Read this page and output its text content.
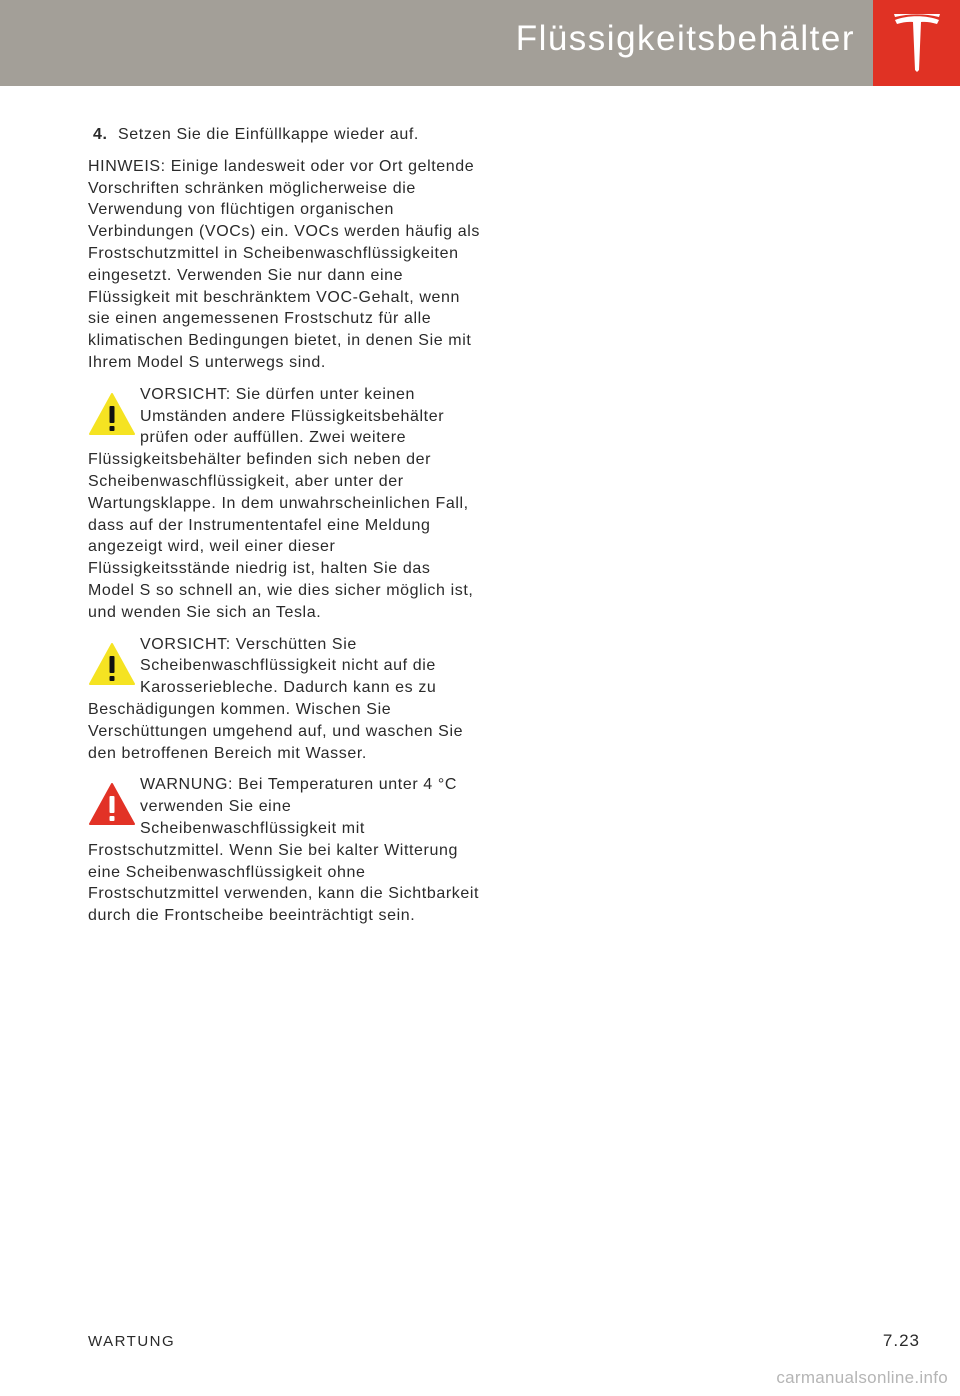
Flüssigkeitsbehälter
4. Setzen Sie die Einfüllkappe wieder auf.

HINWEIS: Einige landesweit oder vor Ort geltende Vorschriften schränken möglicherweise die Verwendung von flüchtigen organischen Verbindungen (VOCs) ein. VOCs werden häufig als Frostschutzmittel in Scheibenwaschflüssigkeiten eingesetzt. Verwenden Sie nur dann eine Flüssigkeit mit beschränktem VOC-Gehalt, wenn sie einen angemessenen Frostschutz für alle klimatischen Bedingungen bietet, in denen Sie mit Ihrem Model S unterwegs sind.

VORSICHT: Sie dürfen unter keinen Umständen andere Flüssigkeitsbehälter prüfen oder auffüllen. Zwei weitere Flüssigkeitsbehälter befinden sich neben der Scheibenwaschflüssigkeit, aber unter der Wartungsklappe. In dem unwahrscheinlichen Fall, dass auf der Instrumententafel eine Meldung angezeigt wird, weil einer dieser Flüssigkeitsstände niedrig ist, halten Sie das Model S so schnell an, wie dies sicher möglich ist, und wenden Sie sich an Tesla.
VORSICHT: Verschütten Sie Scheibenwaschflüssigkeit nicht auf die Karosseriebleche. Dadurch kann es zu Beschädigungen kommen. Wischen Sie Verschüttungen umgehend auf, und waschen Sie den betroffenen Bereich mit Wasser.
WARNUNG: Bei Temperaturen unter 4 °C verwenden Sie eine Scheibenwaschflüssigkeit mit Frostschutzmittel. Wenn Sie bei kalter Witterung eine Scheibenwaschflüssigkeit ohne Frostschutzmittel verwenden, kann die Sichtbarkeit durch die Frontscheibe beeinträchtigt sein.
WARTUNG	7.23
carmanualsonline.info
